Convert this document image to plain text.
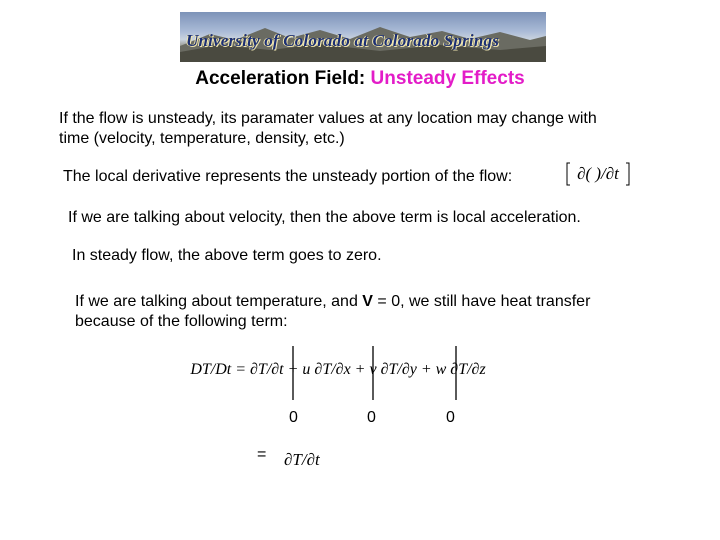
University of Colorado at Colorado Springs
Acceleration Field: Unsteady Effects
If the flow is unsteady, its paramater values at any location may change with
time (velocity, temperature, density, etc.)
The local derivative represents the unsteady portion of the flow:	∂( )/∂t
If we are talking about velocity, then the above term is local acceleration.
In steady flow, the above term goes to zero.
If we are talking about temperature, and V = 0, we still have heat transfer
because of the following term:
DT/Dt = ∂T/∂t + u ∂T/∂x + v ∂T/∂y + w ∂T/∂z
0	0	0
= ∂T/∂t
